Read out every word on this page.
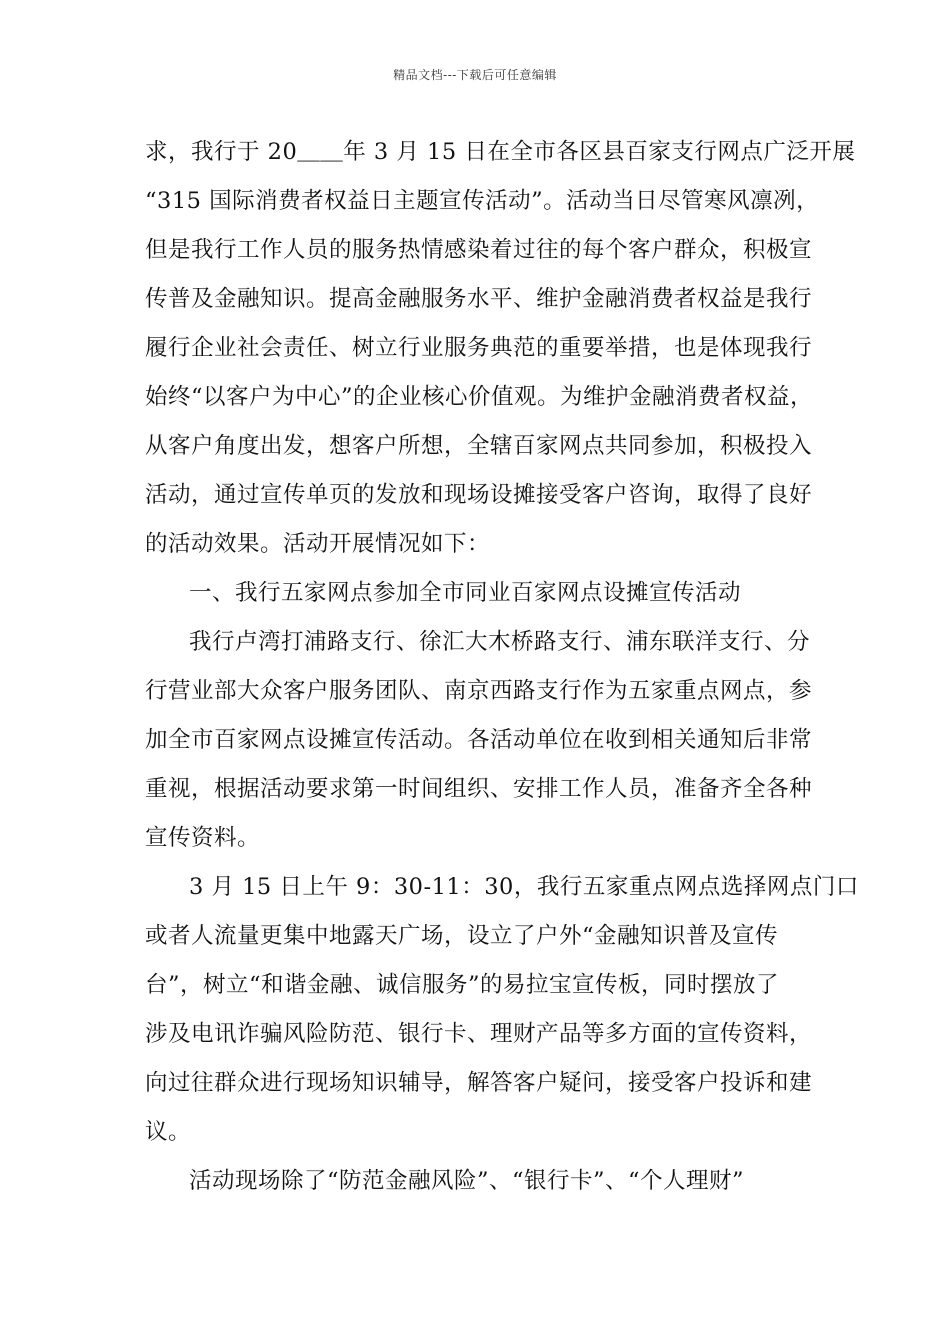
精品文档---下载后可任意编辑
求，我行于 20＿＿年 3 月 15 日在全市各区县百家支行网点广泛开展
“315 国际消费者权益日主题宣传活动”。活动当日尽管寒风凛冽，
但是我行工作人员的服务热情感染着过往的每个客户群众，积极宣
传普及金融知识。提高金融服务水平、维护金融消费者权益是我行
履行企业社会责任、树立行业服务典范的重要举措，也是体现我行
始终“以客户为中心”的企业核心价值观。为维护金融消费者权益，
从客户角度出发，想客户所想，全辖百家网点共同参加，积极投入
活动，通过宣传单页的发放和现场设摊接受客户咨询，取得了良好
的活动效果。活动开展情况如下：
一、我行五家网点参加全市同业百家网点设摊宣传活动
我行卢湾打浦路支行、徐汇大木桥路支行、浦东联洋支行、分
行营业部大众客户服务团队、南京西路支行作为五家重点网点，参
加全市百家网点设摊宣传活动。各活动单位在收到相关通知后非常
重视，根据活动要求第一时间组织、安排工作人员，准备齐全各种
宣传资料。
3 月 15 日上午 9：30-11：30，我行五家重点网点选择网点门口
或者人流量更集中地露天广场，设立了户外“金融知识普及宣传
台”，树立“和谐金融、诚信服务”的易拉宝宣传板，同时摆放了
涉及电讯诈骗风险防范、银行卡、理财产品等多方面的宣传资料，
向过往群众进行现场知识辅导，解答客户疑问，接受客户投诉和建
议。
活动现场除了“防范金融风险”、“银行卡”、“个人理财”
